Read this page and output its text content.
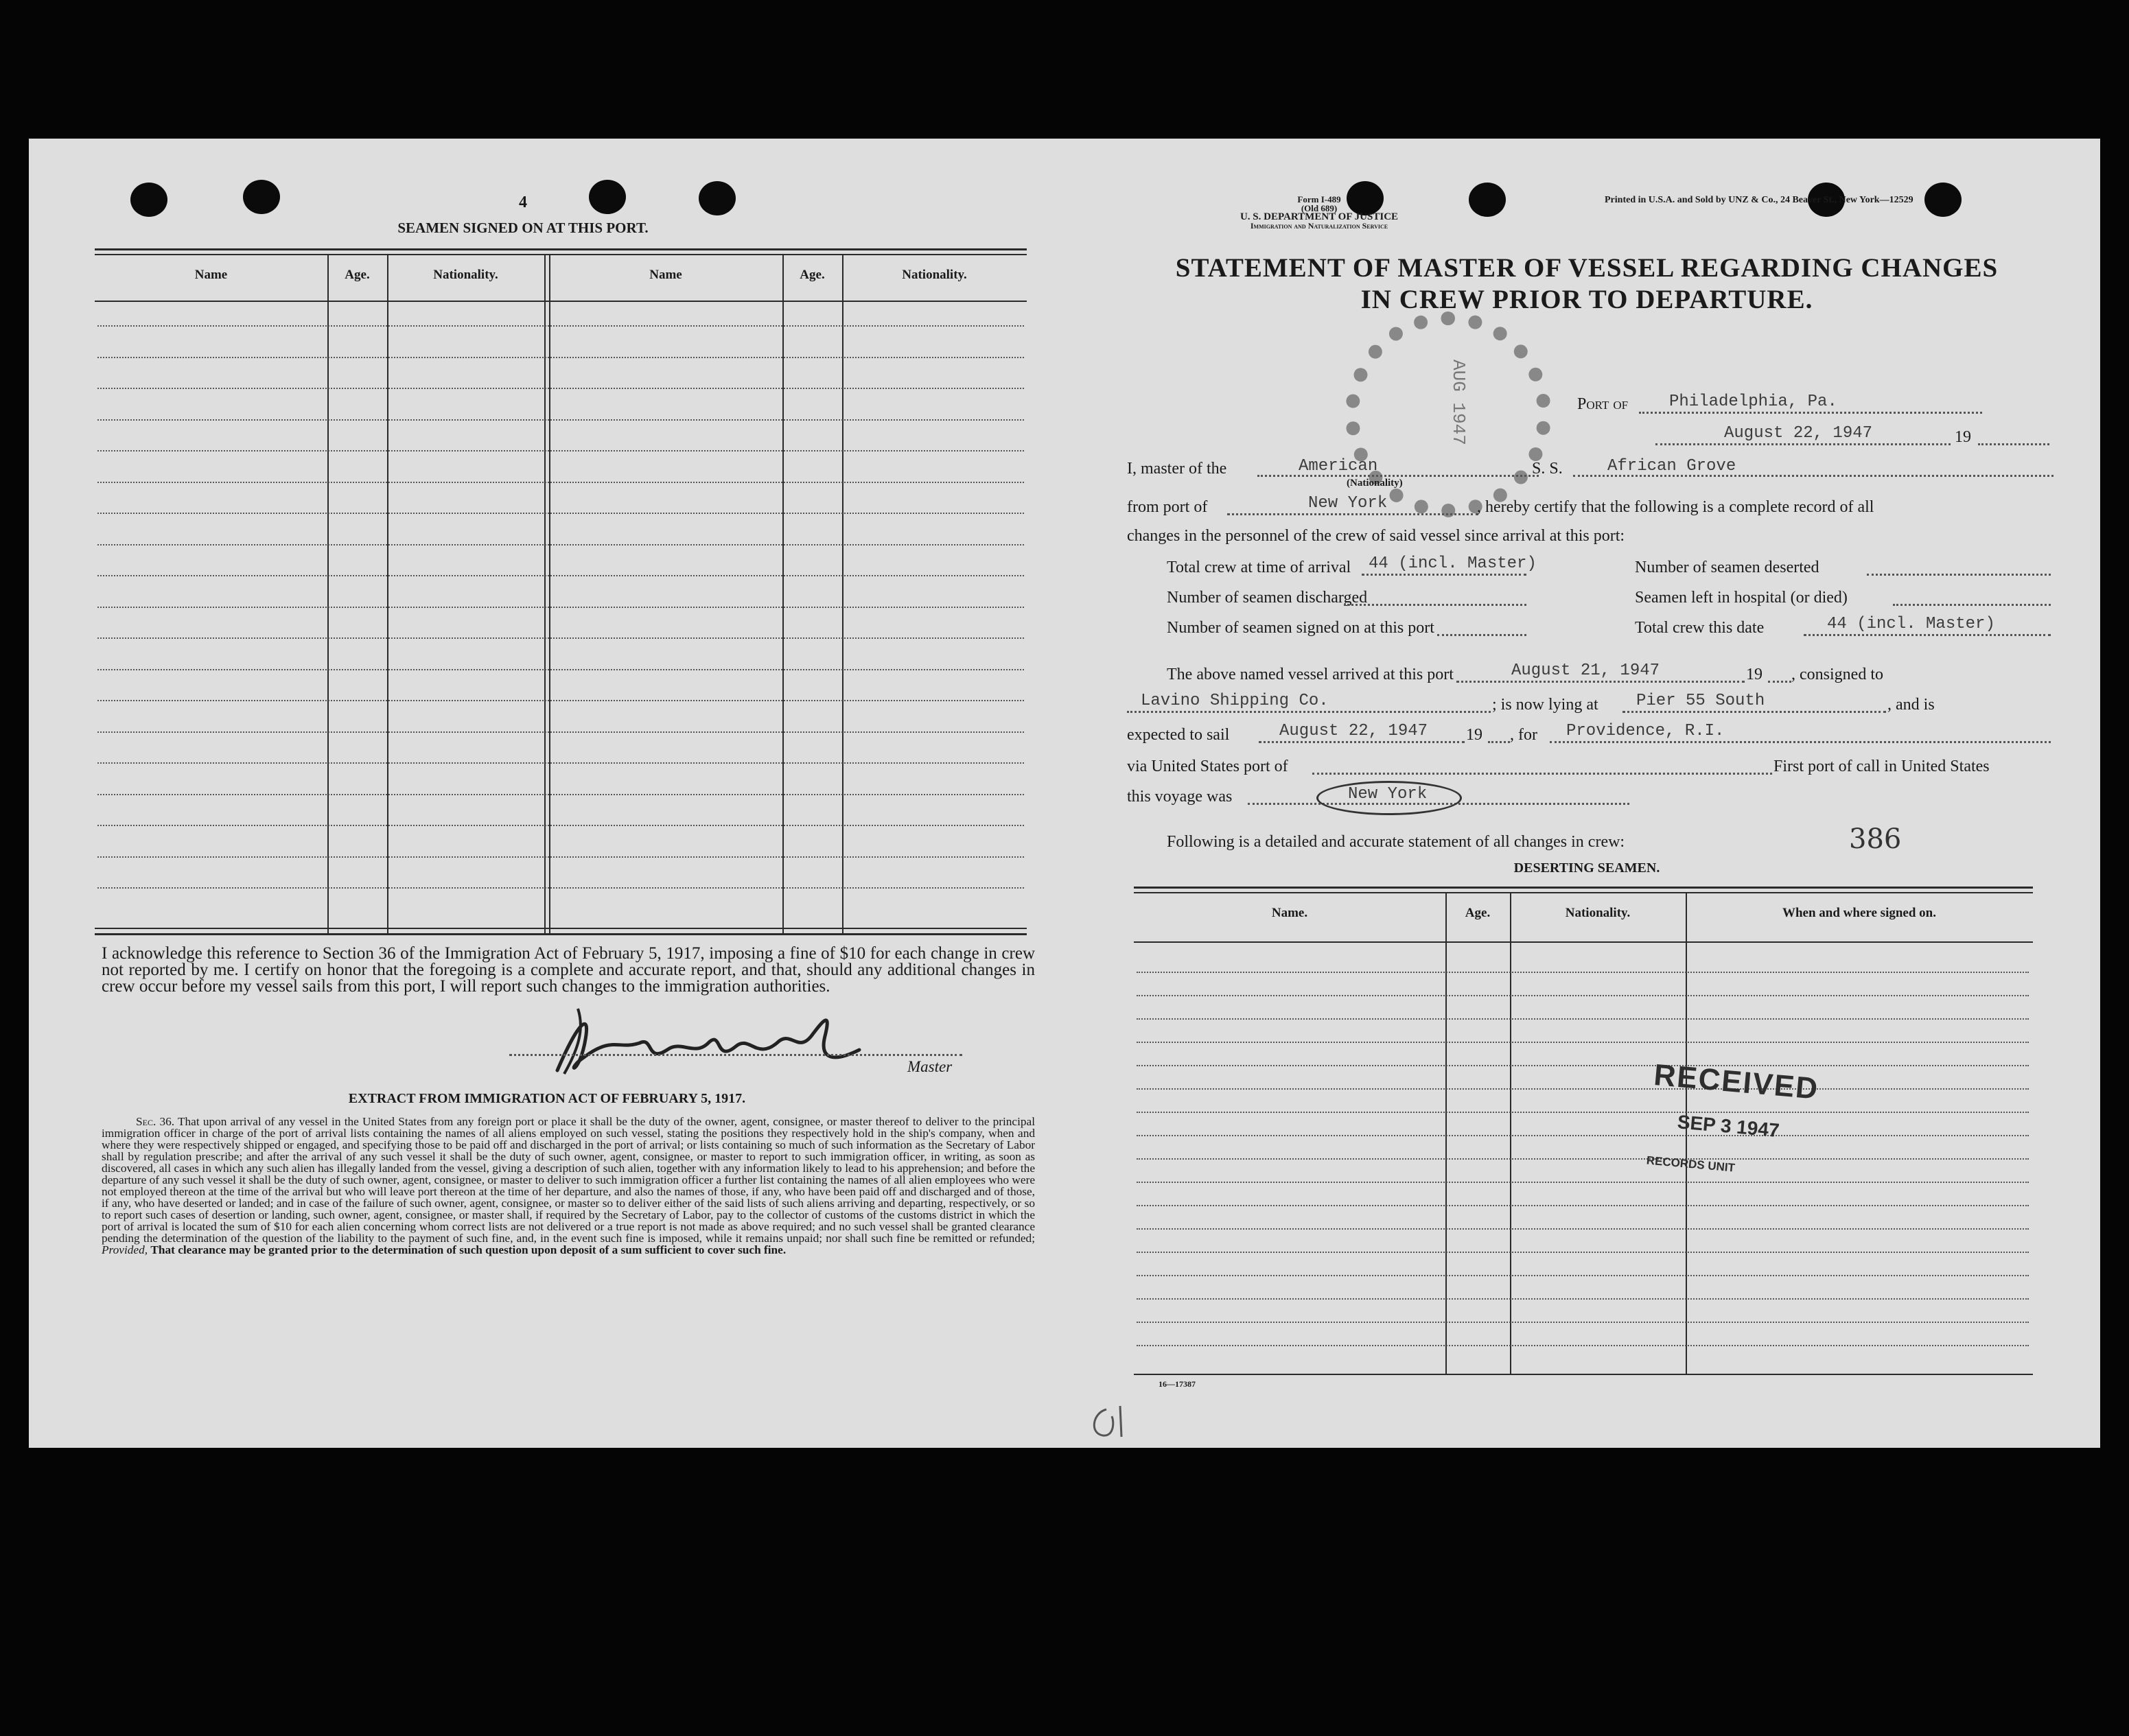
4
SEAMEN SIGNED ON AT THIS PORT.
Name	Age.	Nationality.	Name	Age.	Nationality.
I acknowledge this reference to Section 36 of the Immigration Act of February 5, 1917, imposing a fine of $10 for each change in crew not reported by me. I certify on honor that the foregoing is a complete and accurate report, and that, should any additional changes in crew occur before my vessel sails from this port, I will report such changes to the immigration authorities.
Master
EXTRACT FROM IMMIGRATION ACT OF FEBRUARY 5, 1917.
Sec. 36. That upon arrival of any vessel in the United States from any foreign port or place it shall be the duty of the owner, agent, consignee, or master thereof to deliver to the principal immigration officer in charge of the port of arrival lists containing the names of all aliens employed on such vessel, stating the positions they respectively hold in the ship's company, when and where they were respectively shipped or engaged, and specifying those to be paid off and discharged in the port of arrival; or lists containing so much of such information as the Secretary of Labor shall by regulation prescribe; and after the arrival of any such vessel it shall be the duty of such owner, agent, consignee, or master to report to such immigration officer, in writing, as soon as discovered, all cases in which any such alien has illegally landed from the vessel, giving a description of such alien, together with any information likely to lead to his apprehension; and before the departure of any such vessel it shall be the duty of such owner, agent, consignee, or master to deliver to such immigration officer a further list containing the names of all alien employees who were not employed thereon at the time of the arrival but who will leave port thereon at the time of her departure, and also the names of those, if any, who have been paid off and discharged and of those, if any, who have deserted or landed; and in case of the failure of such owner, agent, consignee, or master so to deliver either of the said lists of such aliens arriving and departing, respectively, or so to report such cases of desertion or landing, such owner, agent, consignee, or master shall, if required by the Secretary of Labor, pay to the collector of customs of the customs district in which the port of arrival is located the sum of $10 for each alien concerning whom correct lists are not delivered or a true report is not made as above required; and no such vessel shall be granted clearance pending the determination of the question of the liability to the payment of such fine, and, in the event such fine is imposed, while it remains unpaid; nor shall such fine be remitted or refunded; Provided, That clearance may be granted prior to the determination of such question upon deposit of a sum sufficient to cover such fine.
Form I-489
(Old 689)
U. S. DEPARTMENT OF JUSTICE
Immigration and Naturalization Service
Printed in U.S.A. and Sold by UNZ & Co., 24 Beaver St., New York—12529
STATEMENT OF MASTER OF VESSEL REGARDING CHANGES
IN CREW PRIOR TO DEPARTURE.
AUG 1947	Port of Philadelphia, Pa.
August 22, 1947	19
I, master of the	American
(Nationality)
S. S.	African Grove
from port of	New York	, hereby certify that the following is a complete record of all
changes in the personnel of the crew of said vessel since arrival at this port:
Total crew at time of arrival 44 (incl. Master)	Number of seamen deserted
Number of seamen discharged	Seamen left in hospital (or died)
Number of seamen signed on at this port	Total crew this date	44 (incl. Master)
The above named vessel arrived at this port	August 21, 1947	19 , consigned to
Lavino Shipping Co.	; is now lying at Pier 55 South	, and is
expected to sail	August 22, 1947 19 , for Providence, R.I.
via United States port of	First port of call in United States
this voyage was	New York
Following is a detailed and accurate statement of all changes in crew:	386
DESERTING SEAMEN.
Name.	Age.	Nationality.	When and where signed on.
RECEIVED
SEP 3 1947
RECORDS UNIT
16—17387
